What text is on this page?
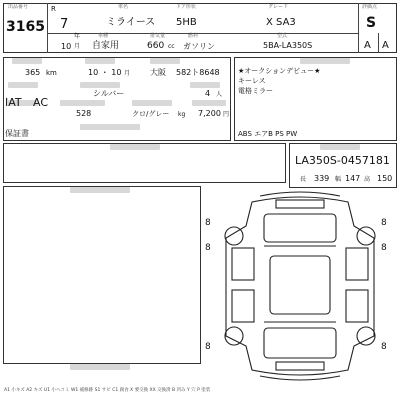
出品番号
3165
R
7
年
10 月
車名
ミライース
ドア形状
5HB
グレード
X SA3
評価点
S
車種
自家用
排気量
660 cc
燃料
ガソリン
型式
5BA-LA350S	A A
365 km	10 ・ 10 月 大阪 582ト8648
シルバー
IAT AC
4 人
528	クロ/グレー kg 7,200 円
保証書
★オークションデビュー★
キーレス
電格ミラー
ABS エアB PS PW
LA350S-0457181
長 339 幅 147 高 150
8	8
8	8
8	8
A1 小キズ A2 キズ U1 小ヘコミ W1 補修跡 S1 サビ C1 腐食 X 要交換 XX 交換済 B 凹み Y 穴 P 塗装
